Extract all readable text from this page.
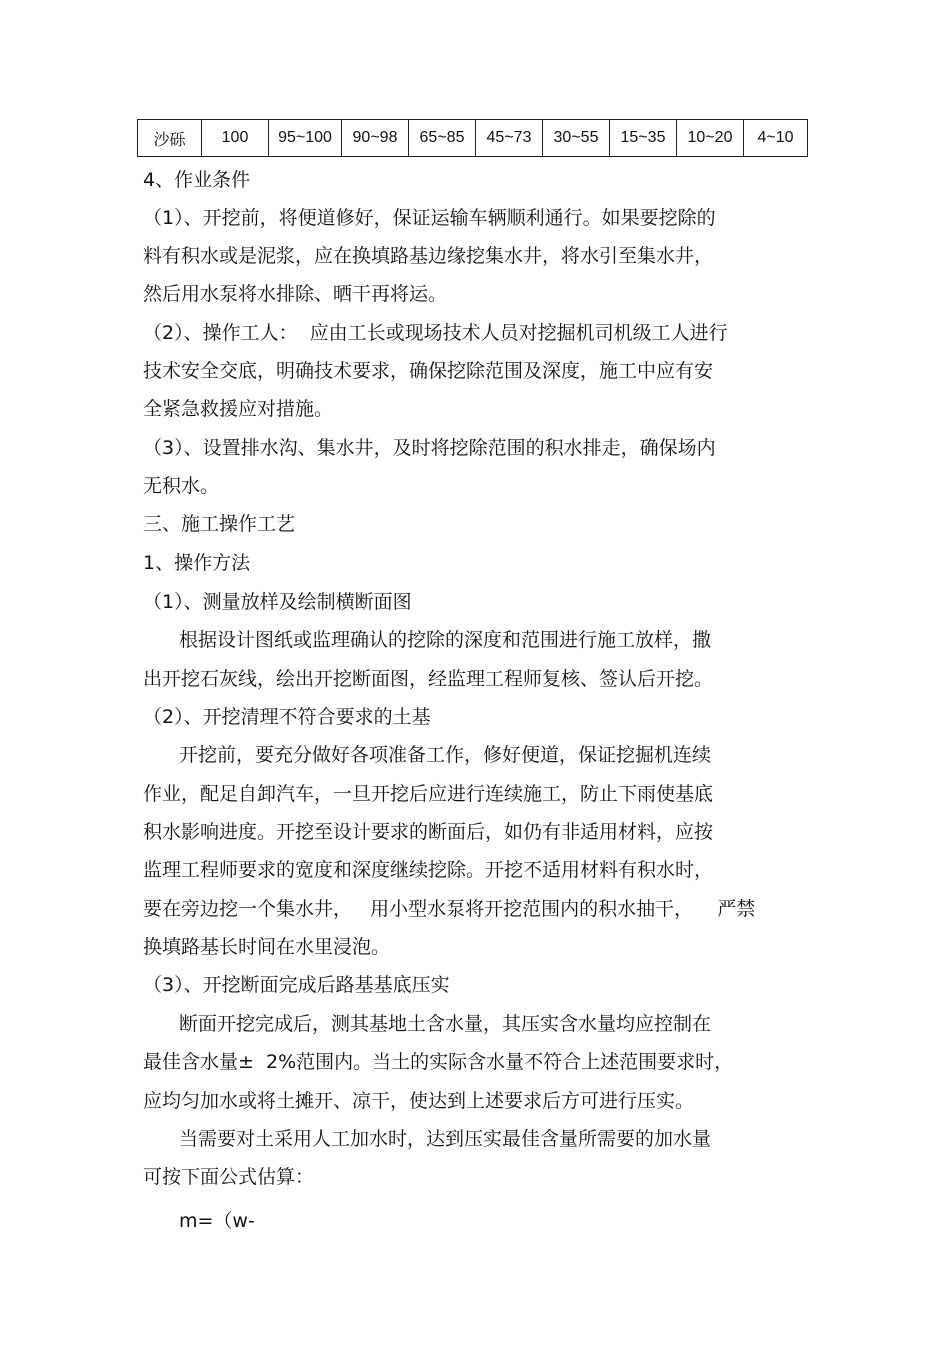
沙砾	100	95~100	90~98	65~85	45~73	30~55	15~35	10~20	4~10
4、作业条件
（1）、开挖前，将便道修好，保证运输车辆顺利通行。如果要挖除的
料有积水或是泥浆，应在换填路基边缘挖集水井，将水引至集水井，
然后用水泵将水排除、晒干再将运。
（2）、操作工人：  应由工长或现场技术人员对挖掘机司机级工人进行
技术安全交底，明确技术要求，确保挖除范围及深度，施工中应有安
全紧急救援应对措施。
（3）、设置排水沟、集水井，及时将挖除范围的积水排走，确保场内
无积水。
三、施工操作工艺
1、操作方法
（1）、测量放样及绘制横断面图
根据设计图纸或监理确认的挖除的深度和范围进行施工放样，撒
出开挖石灰线，绘出开挖断面图，经监理工程师复核、签认后开挖。
（2）、开挖清理不符合要求的土基
开挖前，要充分做好各项准备工作，修好便道，保证挖掘机连续
作业，配足自卸汽车，一旦开挖后应进行连续施工，防止下雨使基底
积水影响进度。开挖至设计要求的断面后，如仍有非适用材料，应按
监理工程师要求的宽度和深度继续挖除。开挖不适用材料有积水时，
要在旁边挖一个集水井，   用小型水泵将开挖范围内的积水抽干，    严禁
换填路基长时间在水里浸泡。
（3）、开挖断面完成后路基基底压实
断面开挖完成后，测其基地土含水量，其压实含水量均应控制在
最佳含水量±  2%范围内。当土的实际含水量不符合上述范围要求时，
应均匀加水或将土摊开、凉干，使达到上述要求后方可进行压实。
当需要对土采用人工加水时，达到压实最佳含量所需要的加水量
可按下面公式估算：
m=（w-
